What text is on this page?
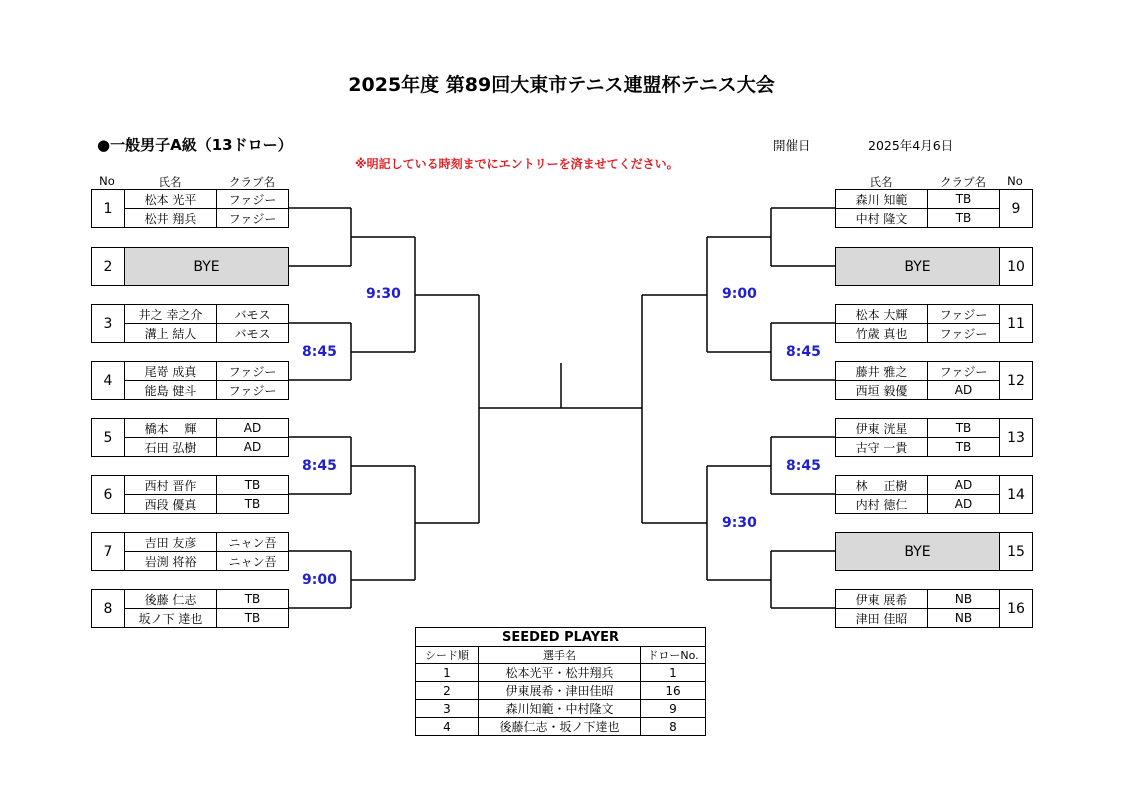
2025年度 第89回大東市テニス連盟杯テニス大会
●一般男子A級（13ドロー）
※明記している時刻までにエントリーを済ませてください。
開催日	2025年4月6日
No	氏名	クラブ名	氏名	クラブ名	No
1
松本 光平	ファジー
松井 翔兵	ファジー
2	BYE
3
井之 幸之介	バモス
溝上 結人	バモス
4
尾嵜 成真	ファジー
能島 健斗	ファジー
5
橋本　 輝	AD
石田 弘樹	AD
6
西村 晋作	TB
西段 優真	TB
7
吉田 友彦	ニャン吾
岩渕 将裕	ニャン吾
8
後藤 仁志	TB
坂ノ下 達也	TB
9
森川 知範	TB
中村 隆文	TB
10
BYE
11
松本 大輝	ファジー
竹歳 真也	ファジー
12
藤井 雅之	ファジー
西垣 毅優	AD
13
伊東 洸星	TB
古守 一貴	TB
14
林　 正樹	AD
内村 徳仁	AD
15
BYE
16
伊東 展希	NB
津田 佳昭	NB
9:30
8:45
8:45
9:00
9:00
8:45
8:45
9:30
SEEDED PLAYER		
シード順	選手名	ドローNo.
1	松本光平・松井翔兵	1
2	伊東展希・津田佳昭	16
3	森川知範・中村隆文	9
4	後藤仁志・坂ノ下達也	8
